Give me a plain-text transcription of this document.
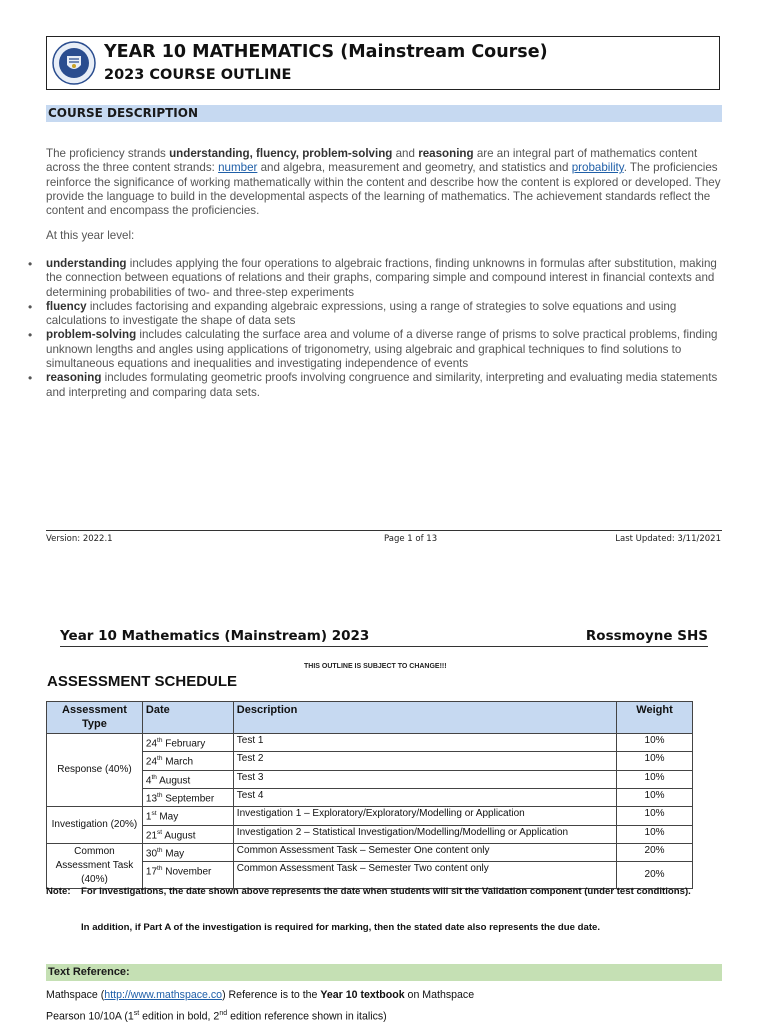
YEAR 10 MATHEMATICS (Mainstream Course)
2023 COURSE OUTLINE
COURSE DESCRIPTION
The proficiency strands understanding, fluency, problem-solving and reasoning are an integral part of mathematics content across the three content strands: number and algebra, measurement and geometry, and statistics and probability. The proficiencies reinforce the significance of working mathematically within the content and describe how the content is explored or developed. They provide the language to build in the developmental aspects of the learning of mathematics. The achievement standards reflect the content and encompass the proficiencies.
At this year level:
• understanding includes applying the four operations to algebraic fractions, finding unknowns in formulas after substitution, making the connection between equations of relations and their graphs, comparing simple and compound interest in financial contexts and determining probabilities of two- and three-step experiments
• fluency includes factorising and expanding algebraic expressions, using a range of strategies to solve equations and using calculations to investigate the shape of data sets
• problem-solving includes calculating the surface area and volume of a diverse range of prisms to solve practical problems, finding unknown lengths and angles using applications of trigonometry, using algebraic and graphical techniques to find solutions to simultaneous equations and inequalities and investigating independence of events
• reasoning includes formulating geometric proofs involving congruence and similarity, interpreting and evaluating media statements and interpreting and comparing data sets.
Version: 2022.1	Page 1 of 13	Last Updated: 3/11/2021
Year 10 Mathematics (Mainstream) 2023	Rossmoyne SHS
THIS OUTLINE IS SUBJECT TO CHANGE!!!
ASSESSMENT SCHEDULE
Assessment Type	Date	Description	Weight
Response (40%)	24th February	Test 1	10%
	24th March	Test 2	10%
	4th August	Test 3	10%
	13th September	Test 4	10%
Investigation (20%)	1st May	Investigation 1 – Exploratory/Exploratory/Modelling or Application	10%
	21st August	Investigation 2 – Statistical Investigation/Modelling/Modelling or Application	10%
Common Assessment Task (40%)	30th May	Common Assessment Task – Semester One content only	20%
	17th November	Common Assessment Task – Semester Two content only	20%
Note: For Investigations, the date shown above represents the date when students will sit the Validation component (under test conditions).
In addition, if Part A of the investigation is required for marking, then the stated date also represents the due date.
Text Reference:
Mathspace (http://www.mathspace.co) Reference is to the Year 10 textbook on Mathspace
Pearson 10/10A (1st edition in bold, 2nd edition reference shown in italics)
